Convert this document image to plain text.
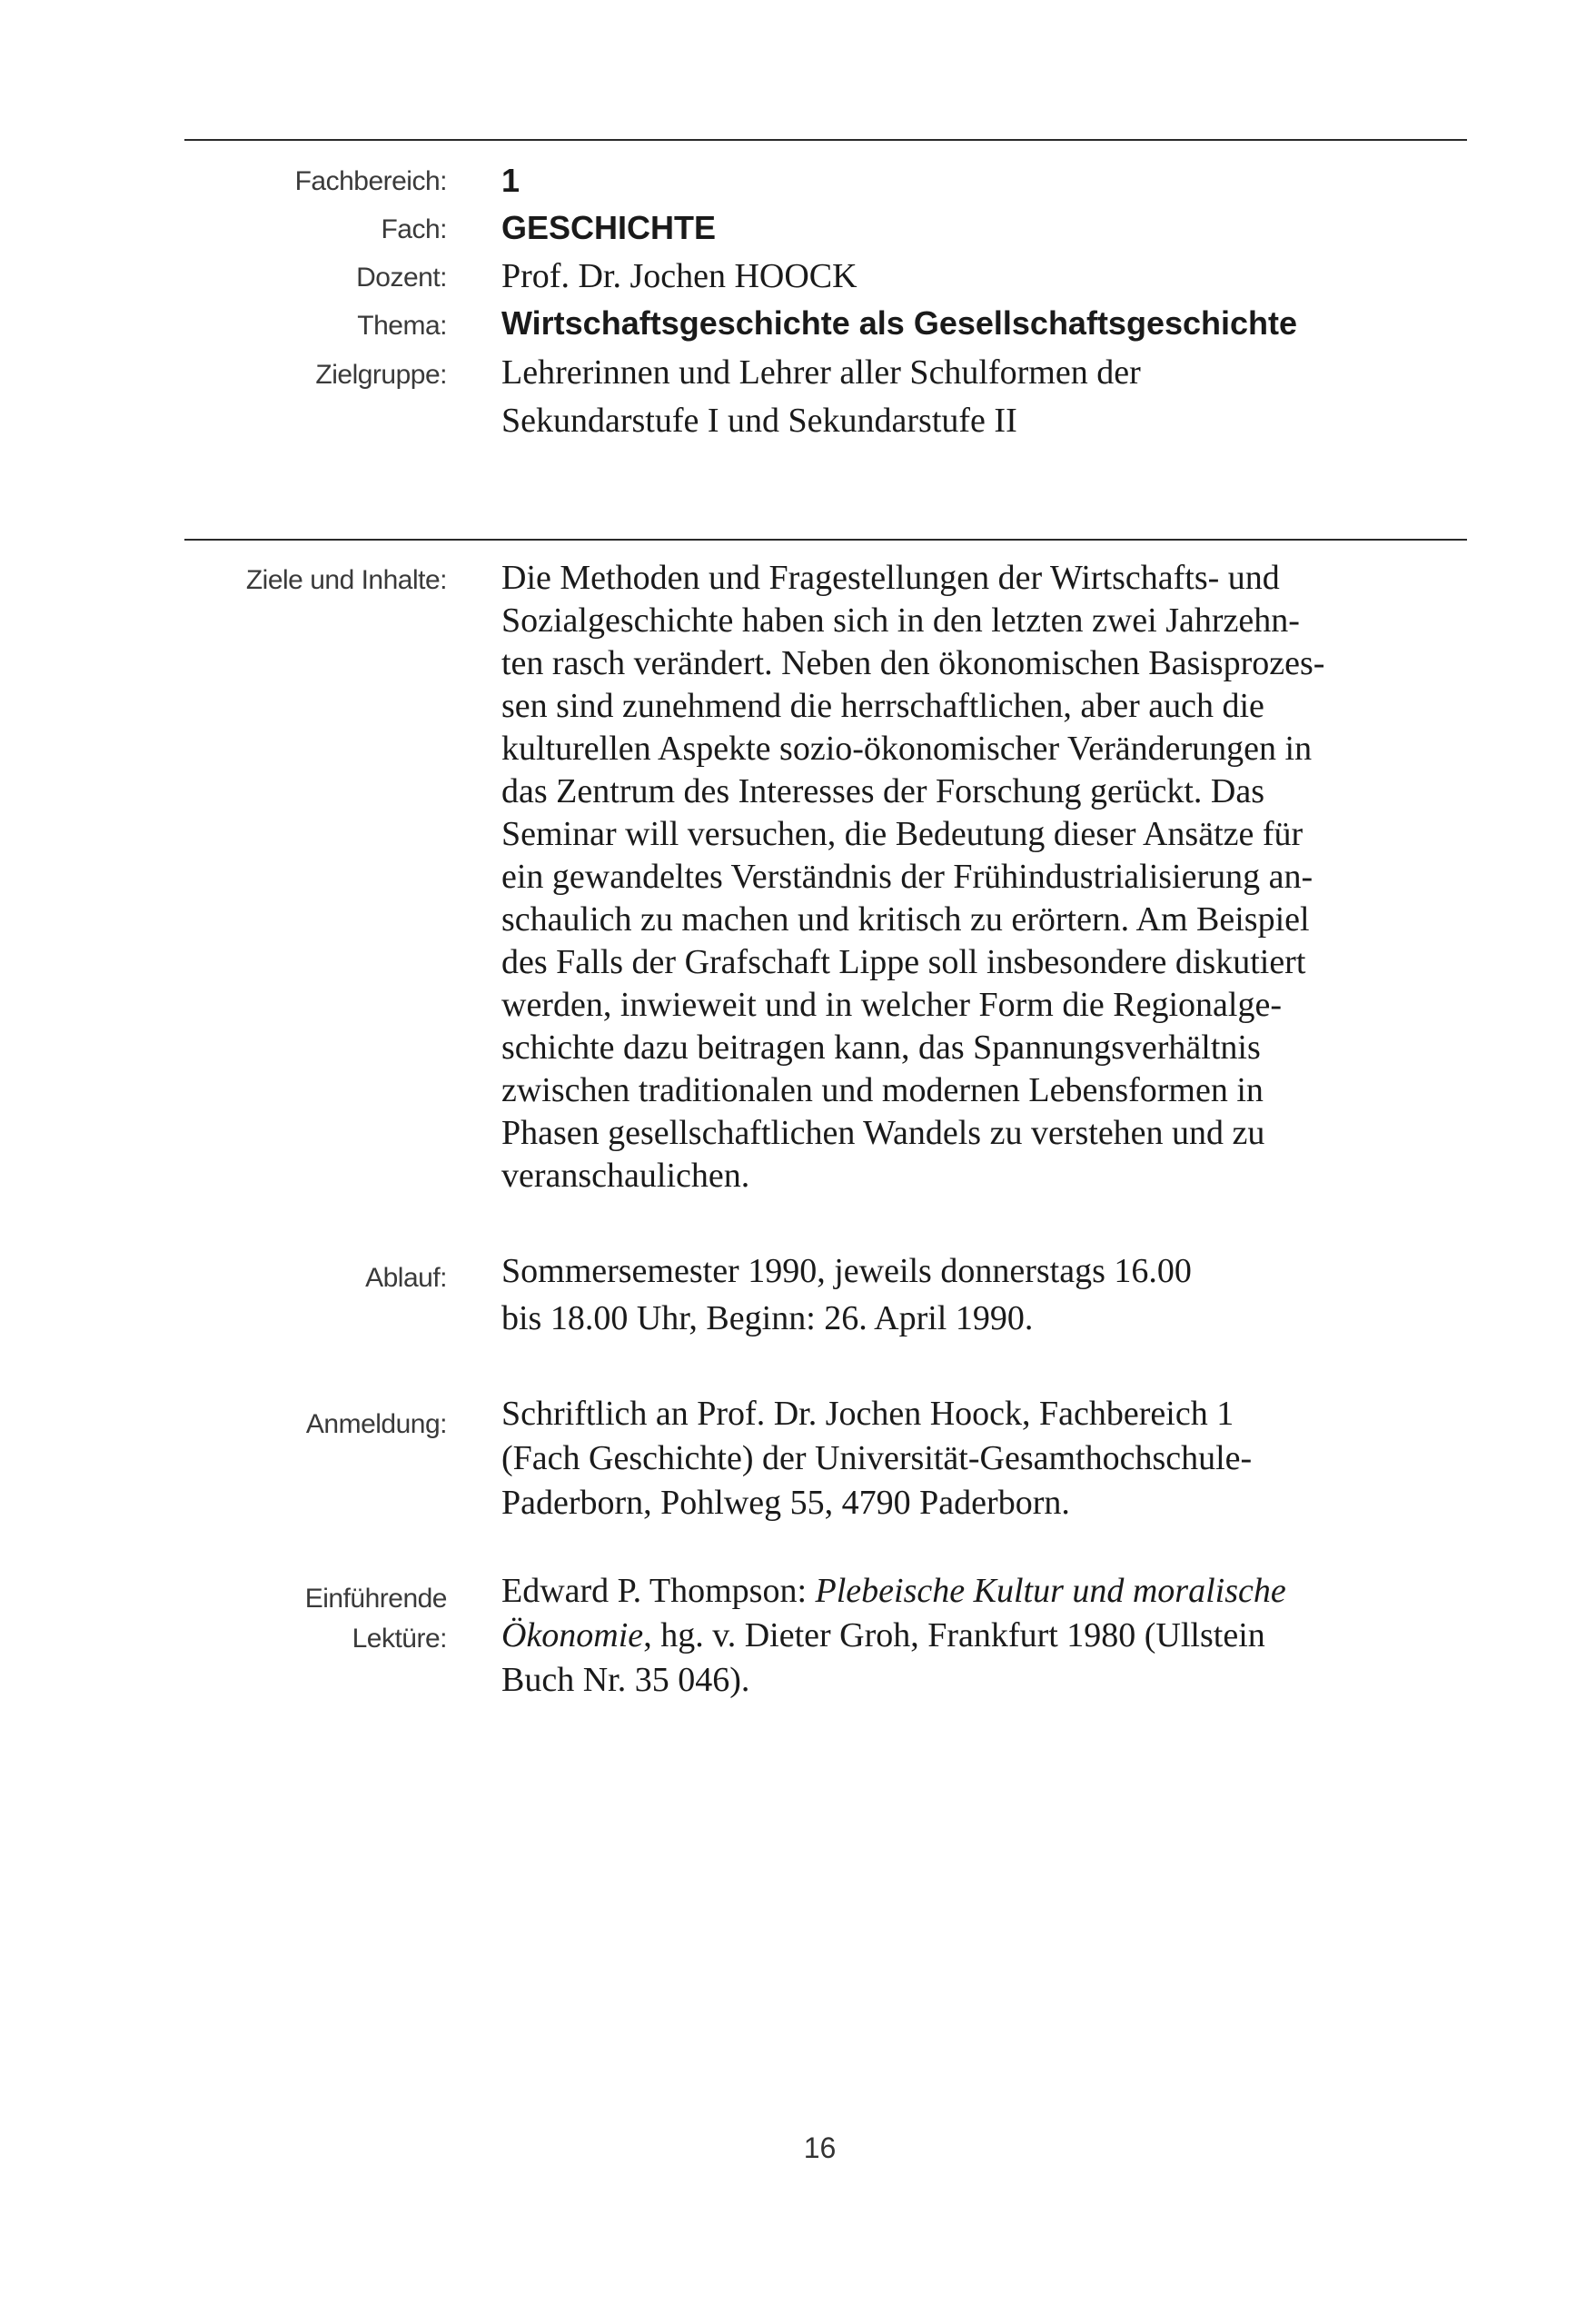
Fachbereich: 1
Fach: GESCHICHTE
Dozent: Prof. Dr. Jochen HOOCK
Thema: Wirtschaftsgeschichte als Gesellschaftsgeschichte
Zielgruppe: Lehrerinnen und Lehrer aller Schulformen der
Sekundarstufe I und Sekundarstufe II
Ziele und Inhalte: Die Methoden und Fragestellungen der Wirtschafts- und
Sozialgeschichte haben sich in den letzten zwei Jahrzehn-
ten rasch verändert. Neben den ökonomischen Basisprozes-
sen sind zunehmend die herrschaftlichen, aber auch die
kulturellen Aspekte sozio-ökonomischer Veränderungen in
das Zentrum des Interesses der Forschung gerückt. Das
Seminar will versuchen, die Bedeutung dieser Ansätze für
ein gewandeltes Verständnis der Frühindustrialisierung an-
schaulich zu machen und kritisch zu erörtern. Am Beispiel
des Falls der Grafschaft Lippe soll insbesondere diskutiert
werden, inwieweit und in welcher Form die Regionalge-
schichte dazu beitragen kann, das Spannungsverhältnis
zwischen traditionalen und modernen Lebensformen in
Phasen gesellschaftlichen Wandels zu verstehen und zu
veranschaulichen.
Ablauf: Sommersemester 1990, jeweils donnerstags 16.00
bis 18.00 Uhr, Beginn: 26. April 1990.
Anmeldung: Schriftlich an Prof. Dr. Jochen Hoock, Fachbereich 1
(Fach Geschichte) der Universität-Gesamthochschule-
Paderborn, Pohlweg 55, 4790 Paderborn.
Einführende
Lektüre:
Edward P. Thompson: Plebeische Kultur und moralische
Ökonomie, hg. v. Dieter Groh, Frankfurt 1980 (Ullstein
Buch Nr. 35 046).
16
